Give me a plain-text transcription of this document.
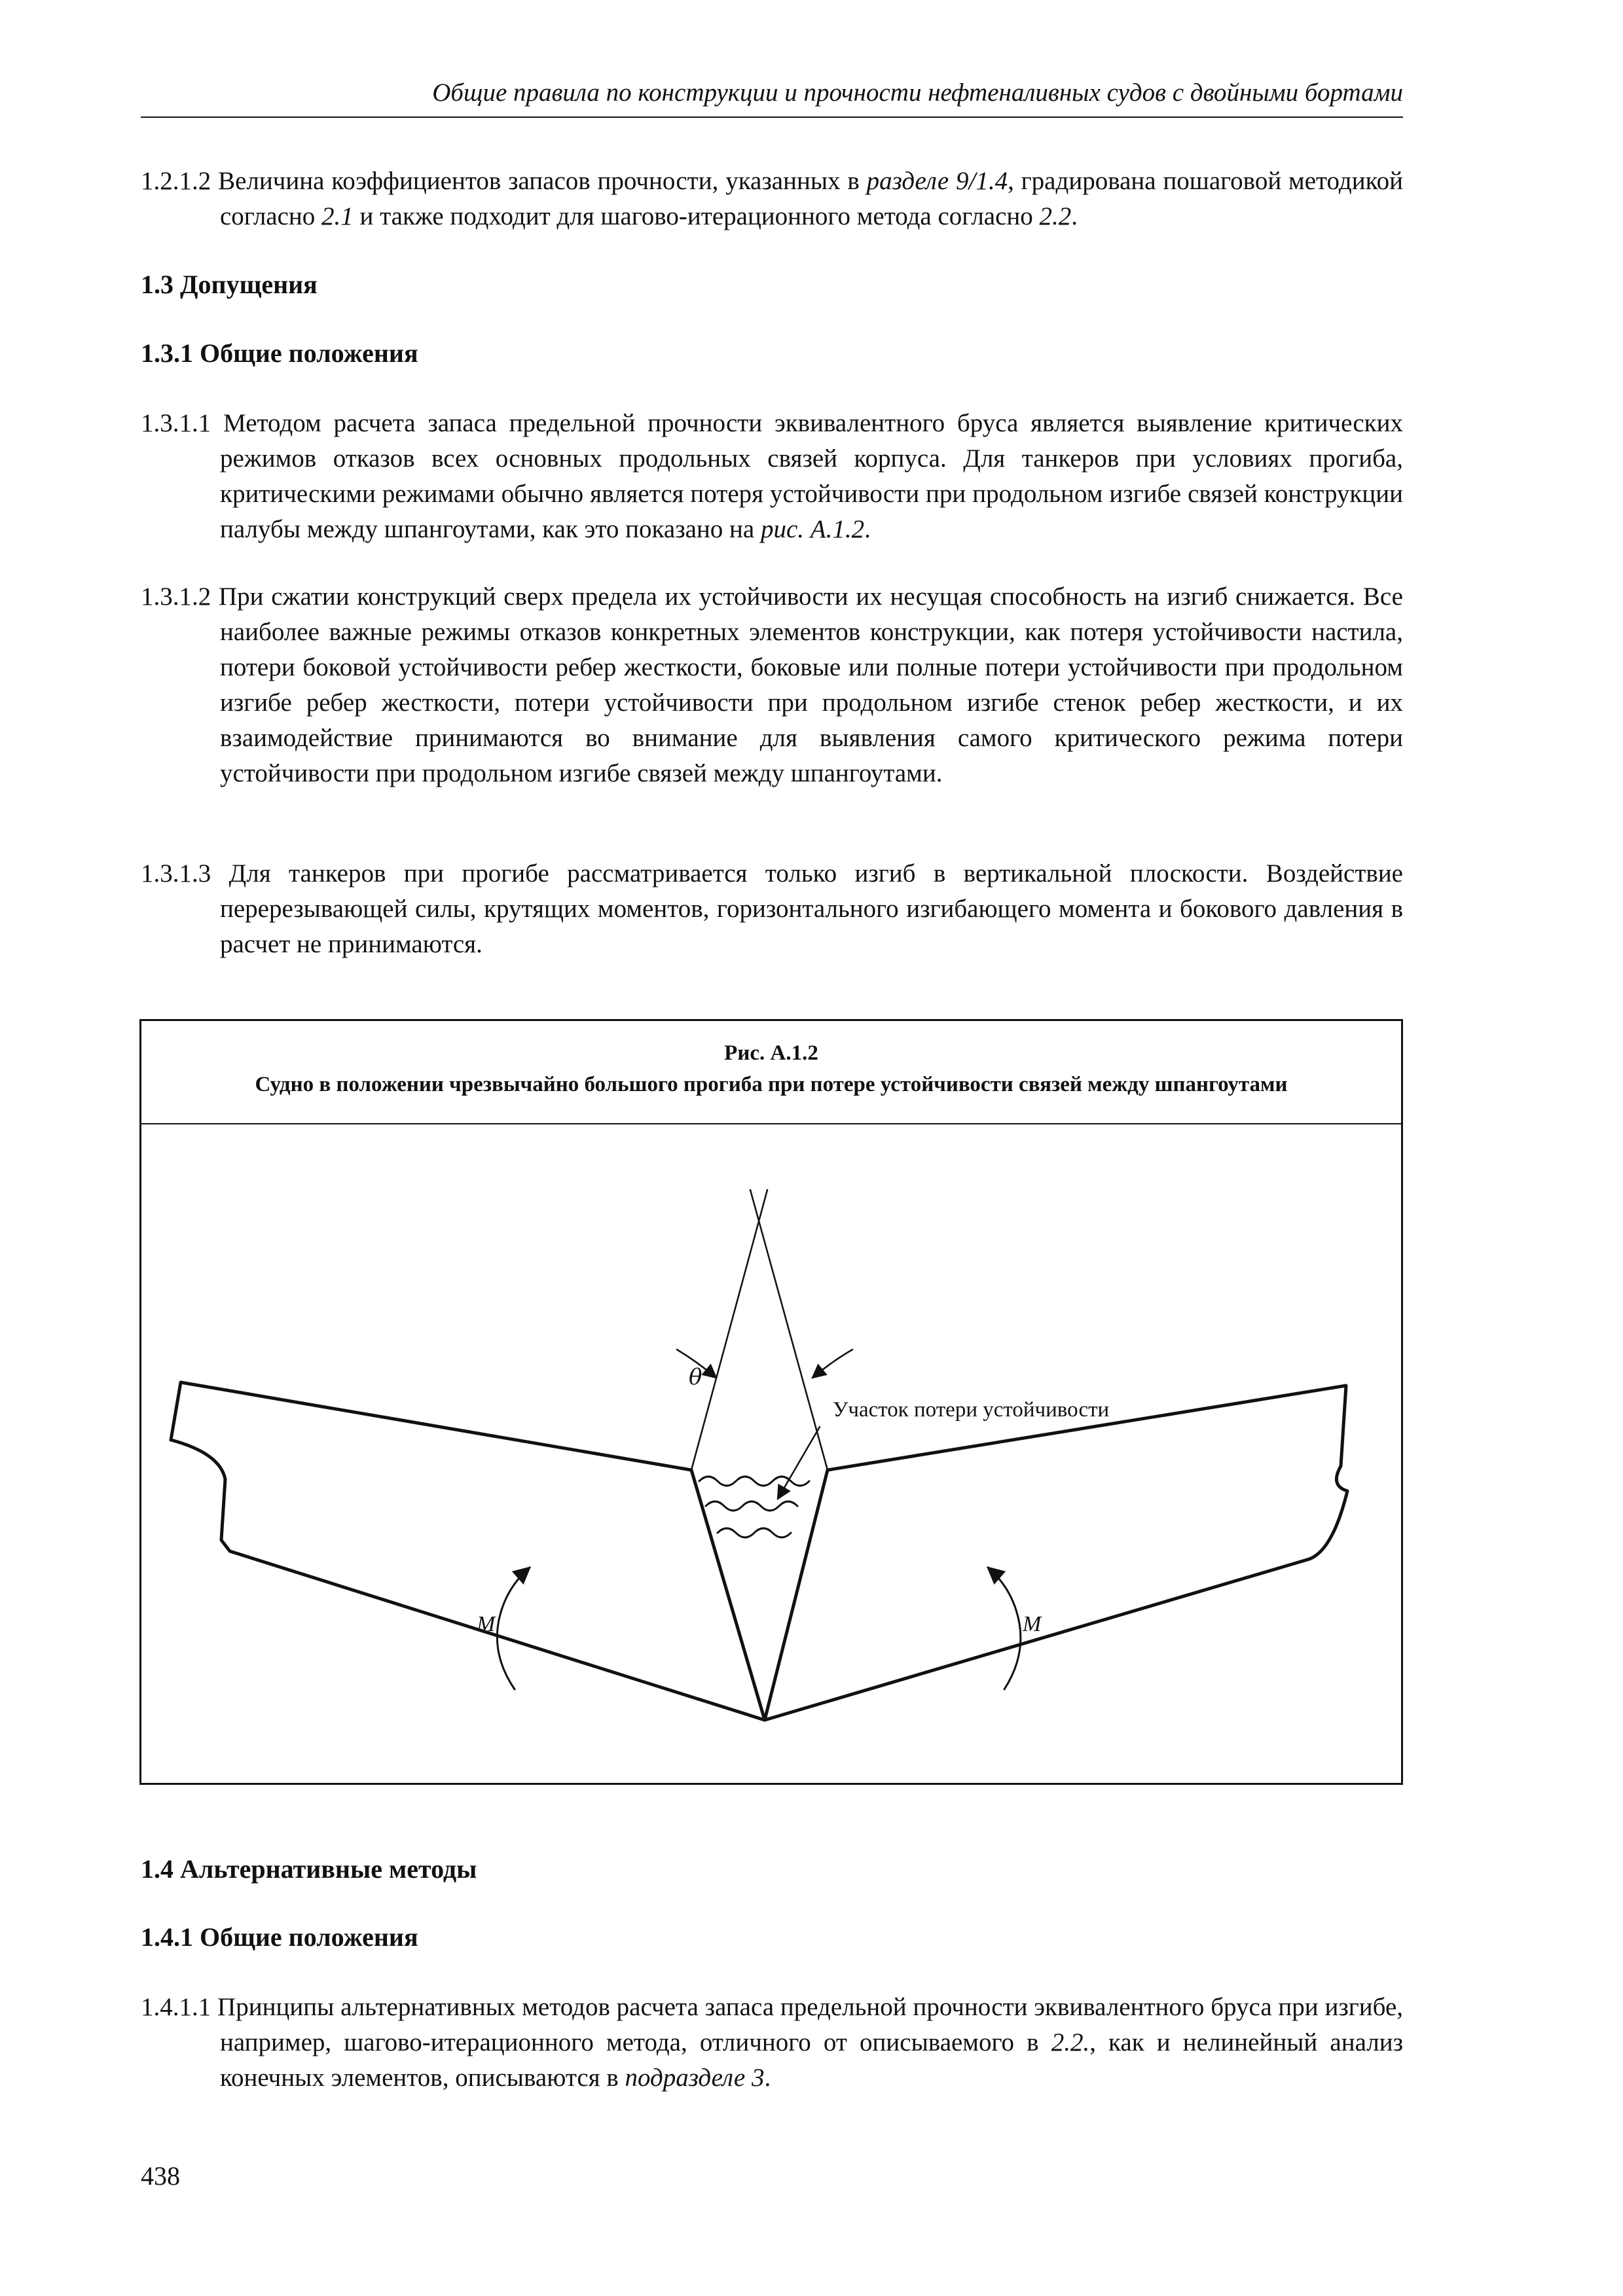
Общие правила по конструкции и прочности нефтеналивных судов с двойными бортами
1.2.1.2 Величина коэффициентов запасов прочности, указанных в разделе 9/1.4, градирована пошаговой методикой согласно 2.1 и также подходит для шагово-итерационного метода согласно 2.2.
1.3 Допущения
1.3.1 Общие положения
1.3.1.1 Методом расчета запаса предельной прочности эквивалентного бруса является выявление критических режимов отказов всех основных продольных связей корпуса. Для танкеров при условиях прогиба, критическими режимами обычно является потеря устойчивости при продольном изгибе связей конструкции палубы между шпангоутами, как это показано на рис. А.1.2.
1.3.1.2 При сжатии конструкций сверх предела их устойчивости их несущая способность на изгиб снижается. Все наиболее важные режимы отказов конкретных элементов конструкции, как потеря устойчивости настила, потери боковой устойчивости ребер жесткости, боковые или полные потери устойчивости при продольном изгибе ребер жесткости, потери устойчивости при продольном изгибе стенок ребер жесткости, и их взаимодействие принимаются во внимание для выявления самого критического режима потери устойчивости при продольном изгибе связей между шпангоутами.
1.3.1.3 Для танкеров при прогибе рассматривается только изгиб в вертикальной плоскости. Воздействие перерезывающей силы, крутящих моментов, горизонтального изгибающего момента и бокового давления в расчет не принимаются.
Рис. А.1.2
Судно в положении чрезвычайно большого прогиба при потере устойчивости связей между шпангоутами
θ
Участок потери устойчивости
M	M
1.4 Альтернативные методы
1.4.1 Общие положения
1.4.1.1 Принципы альтернативных методов расчета запаса предельной прочности эквивалентного бруса при изгибе, например, шагово-итерационного метода, отличного от описываемого в 2.2., как и нелинейный анализ конечных элементов, описываются в подразделе 3.
438
